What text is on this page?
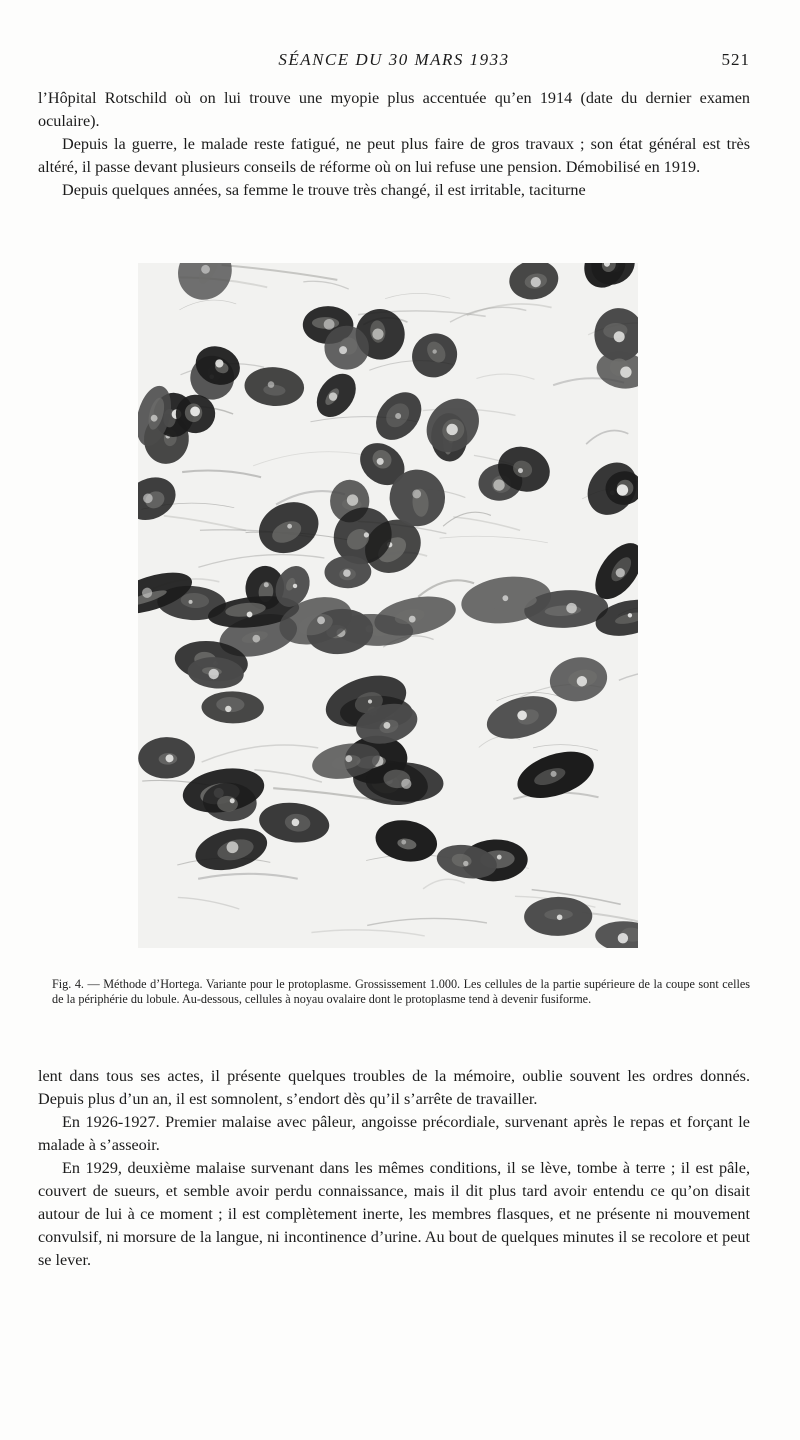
SÉANCE DU 30 MARS 1933	521

l’Hôpital Rotschild où on lui trouve une myopie plus accentuée qu’en 1914 (date du dernier examen oculaire).

Depuis la guerre, le malade reste fatigué, ne peut plus faire de gros travaux ; son état général est très altéré, il passe devant plusieurs conseils de réforme où on lui refuse une pension. Démobilisé en 1919.

Depuis quelques années, sa femme le trouve très changé, il est irritable, taciturne

Fig. 4. — Méthode d’Hortega. Variante pour le protoplasme. Grossissement 1.000. Les cellules de la partie supérieure de la coupe sont celles de la périphérie du lobule. Au-dessous, cellules à noyau ovalaire dont le protoplasme tend à devenir fusiforme.

lent dans tous ses actes, il présente quelques troubles de la mémoire, oublie souvent les ordres donnés. Depuis plus d’un an, il est somnolent, s’endort dès qu’il s’arrête de travailler.

En 1926-1927. Premier malaise avec pâleur, angoisse précordiale, survenant après le repas et forçant le malade à s’asseoir.

En 1929, deuxième malaise survenant dans les mêmes conditions, il se lève, tombe à terre ; il est pâle, couvert de sueurs, et semble avoir perdu connaissance, mais il dit plus tard avoir entendu ce qu’on disait autour de lui à ce moment ; il est complètement inerte, les membres flasques, et ne présente ni mouvement convulsif, ni morsure de la langue, ni incontinence d’urine. Au bout de quelques minutes il se recolore et peut se lever.
